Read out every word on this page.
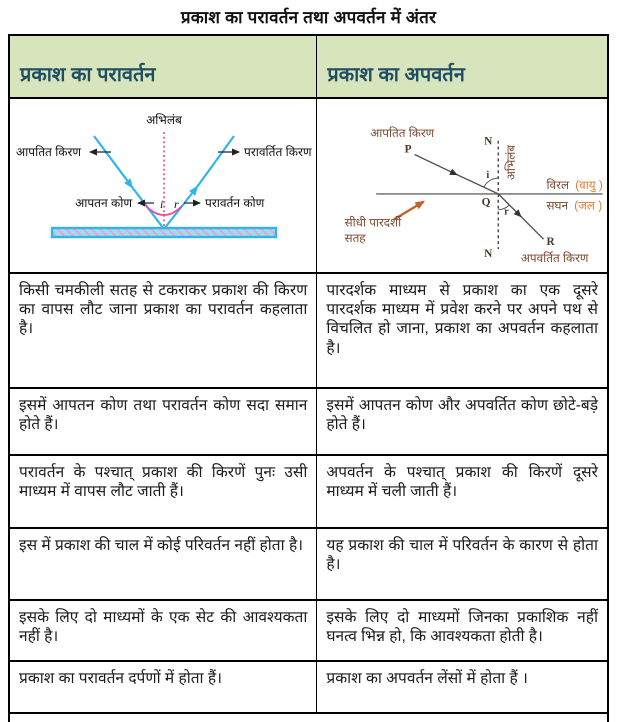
प्रकाश का परावर्तन तथा अपवर्तन में अंतर
प्रकाश का परावर्तन	प्रकाश का अपवर्तन

अभिलंब
आपतित किरण	परावर्तित किरण
आपतन कोण i r परावर्तन कोण

N
N
अभिलंब
P
आपतित किरण
i
Q
r
R
अपवर्तित किरण
विरल (वायु )
सघन (जल )
सीधी पारदर्शी
सतह

किसी चमकीली सतह से टकराकर प्रकाश की किरण का वापस लौट जाना प्रकाश का परावर्तन कहलाता है।	पारदर्शक माध्यम से प्रकाश का एक दूसरे पारदर्शक माध्यम में प्रवेश करने पर अपने पथ से विचलित हो जाना, प्रकाश का अपवर्तन कहलाता है।
इसमें आपतन कोण तथा परावर्तन कोण सदा समान होते हैं।	इसमें आपतन कोण और अपवर्तित कोण छोटे-बड़े होते हैं।
परावर्तन के पश्चात् प्रकाश की किरणें पुनः उसी माध्यम में वापस लौट जाती हैं।	अपवर्तन के पश्चात् प्रकाश की किरणें दूसरे माध्यम में चली जाती हैं।
इस में प्रकाश की चाल में कोई परिवर्तन नहीं होता है।	यह प्रकाश की चाल में परिवर्तन के कारण से होता है।
इसके लिए दो माध्यमों के एक सेट की आवश्यकता नहीं है।	इसके लिए दो माध्यमों जिनका प्रकाशिक नहीं घनत्व भिन्न हो, कि आवश्यकता होती है।
प्रकाश का परावर्तन दर्पणों में होता हैं।	प्रकाश का अपवर्तन लेंसों में होता हैं ।
